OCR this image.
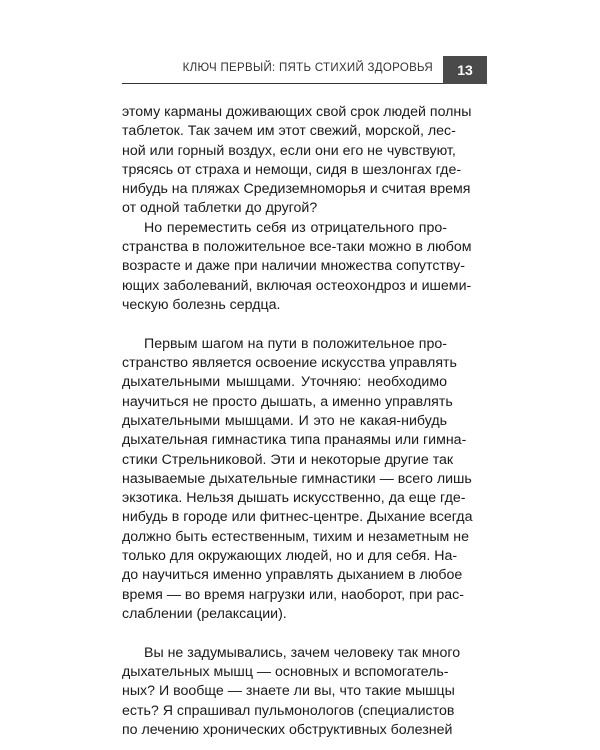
КЛЮЧ ПЕРВЫЙ: ПЯТЬ СТИХИЙ ЗДОРОВЬЯ	13
этому карманы доживающих свой срок людей полны
таблеток. Так зачем им этот свежий, морской, лес-
ной или горный воздух, если они его не чувствуют,
трясясь от страха и немощи, сидя в шезлонгах где-
нибудь на пляжах Средиземноморья и считая время
от одной таблетки до другой?
Но переместить себя из отрицательного про-
странства в положительное все-таки можно в любом
возрасте и даже при наличии множества сопутству-
ющих заболеваний, включая остеохондроз и ишеми-
ческую болезнь сердца.
Первым шагом на пути в положительное про-
странство является освоение искусства управлять
дыхательными мышцами. Уточняю: необходимо
научиться не просто дышать, а именно управлять
дыхательными мышцами. И это не какая-нибудь
дыхательная гимнастика типа пранаямы или гимна-
стики Стрельниковой. Эти и некоторые другие так
называемые дыхательные гимнастики — всего лишь
экзотика. Нельзя дышать искусственно, да еще где-
нибудь в городе или фитнес-центре. Дыхание всегда
должно быть естественным, тихим и незаметным не
только для окружающих людей, но и для себя. На-
до научиться именно управлять дыханием в любое
время — во время нагрузки или, наоборот, при рас-
слаблении (релаксации).
Вы не задумывались, зачем человеку так много
дыхательных мышц — основных и вспомогатель-
ных? И вообще — знаете ли вы, что такие мышцы
есть? Я спрашивал пульмонологов (специалистов
по лечению хронических обструктивных болезней
